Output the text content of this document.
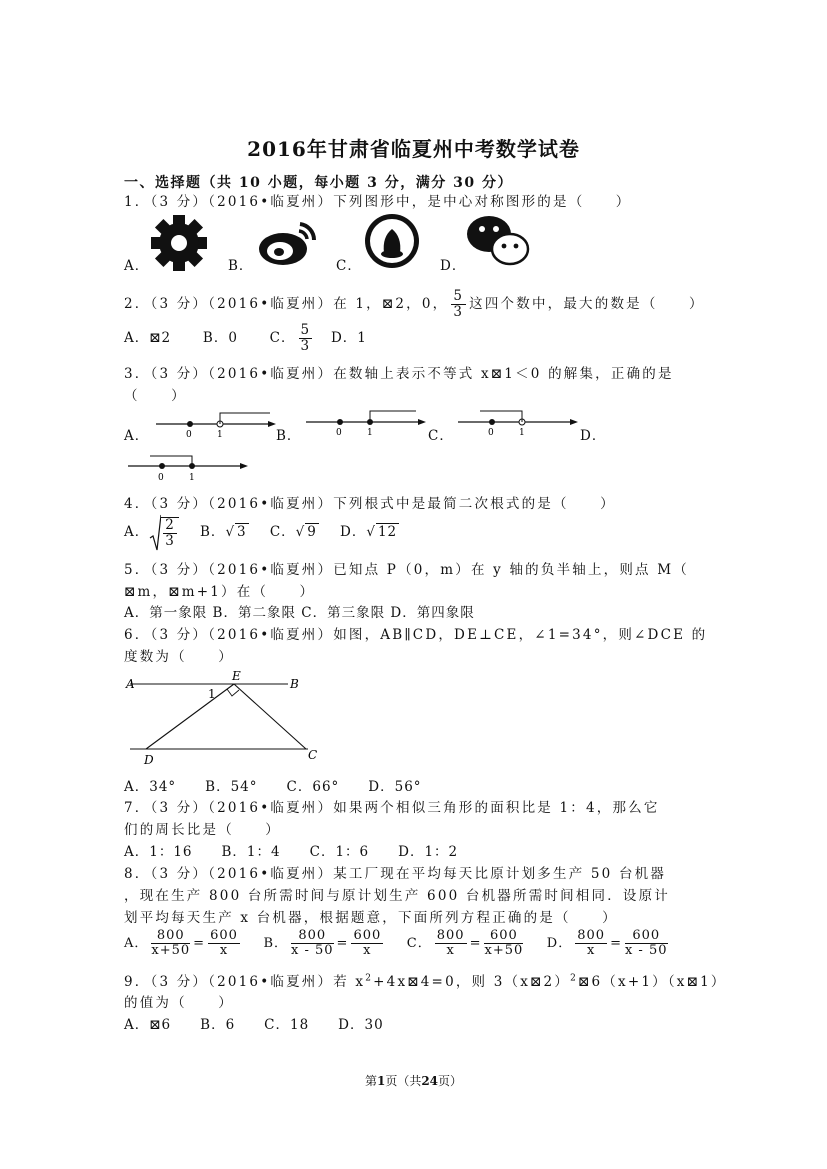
2016年甘肃省临夏州中考数学试卷
一、选择题（共 10 小题，每小题 3 分，满分 30 分）
1．（3 分）（2016•临夏州）下列图形中，是中心对称图形的是（　　）
A．	B．	C．	D．
2．（3 分）（2016•临夏州）在 1，⊠2，0， $\frac{5}{3}$ 这四个数中，最大的数是（　　）
A．⊠2 B．0 C． $\frac{5}{3}$ D．1
3．（3 分）（2016•临夏州）在数轴上表示不等式 x⊠1＜0 的解集，正确的是
（　　）
A．	0	1	B．	0	1	C．	0	1	D．
0	1
4．（3 分）（2016•临夏州）下列根式中是最简二次根式的是（　　）
A． $\frac{2}{3}$ B．√ 3 C．√ 9 D．√ 12
5．（3 分）（2016•临夏州）已知点 P（0，m）在 y 轴的负半轴上，则点 M（
⊠m，⊠m+1）在（　　）
A．第一象限 B．第二象限 C．第三象限 D．第四象限
6．（3 分）（2016•临夏州）如图，AB∥CD，DE⊥CE，∠1=34°，则∠DCE 的
度数为（　　）
A	B
C
D
E
1
A．34°　　B．54°　　C．66°　　D．56°
7．（3 分）（2016•临夏州）如果两个相似三角形的面积比是 1：4，那么它
们的周长比是（　　）
A．1：16　　B．1：4　　C．1：6　　D．1：2
8．（3 分）（2016•临夏州）某工厂现在平均每天比原计划多生产 50 台机器
，现在生产 800 台所需时间与原计划生产 600 台机器所需时间相同．设原计
划平均每天生产 x 台机器，根据题意，下面所列方程正确的是（　　）
A． $\frac{800}{x+50} = \frac{600}{x}$ B． $\frac{800}{x - 50} = \frac{600}{x}$ C． $\frac{800}{x} = \frac{600}{x+50}$ D． $\frac{800}{x} = \frac{600}{x - 50}$
9．（3 分）（2016•临夏州）若 $x^2+4x⊠4=0$，则 3（x⊠2）$^2$⊠6（x+1）（x⊠1）
的值为（　　）
A．⊠6　　B．6　　C．18　　D．30
第1页（共24页）
